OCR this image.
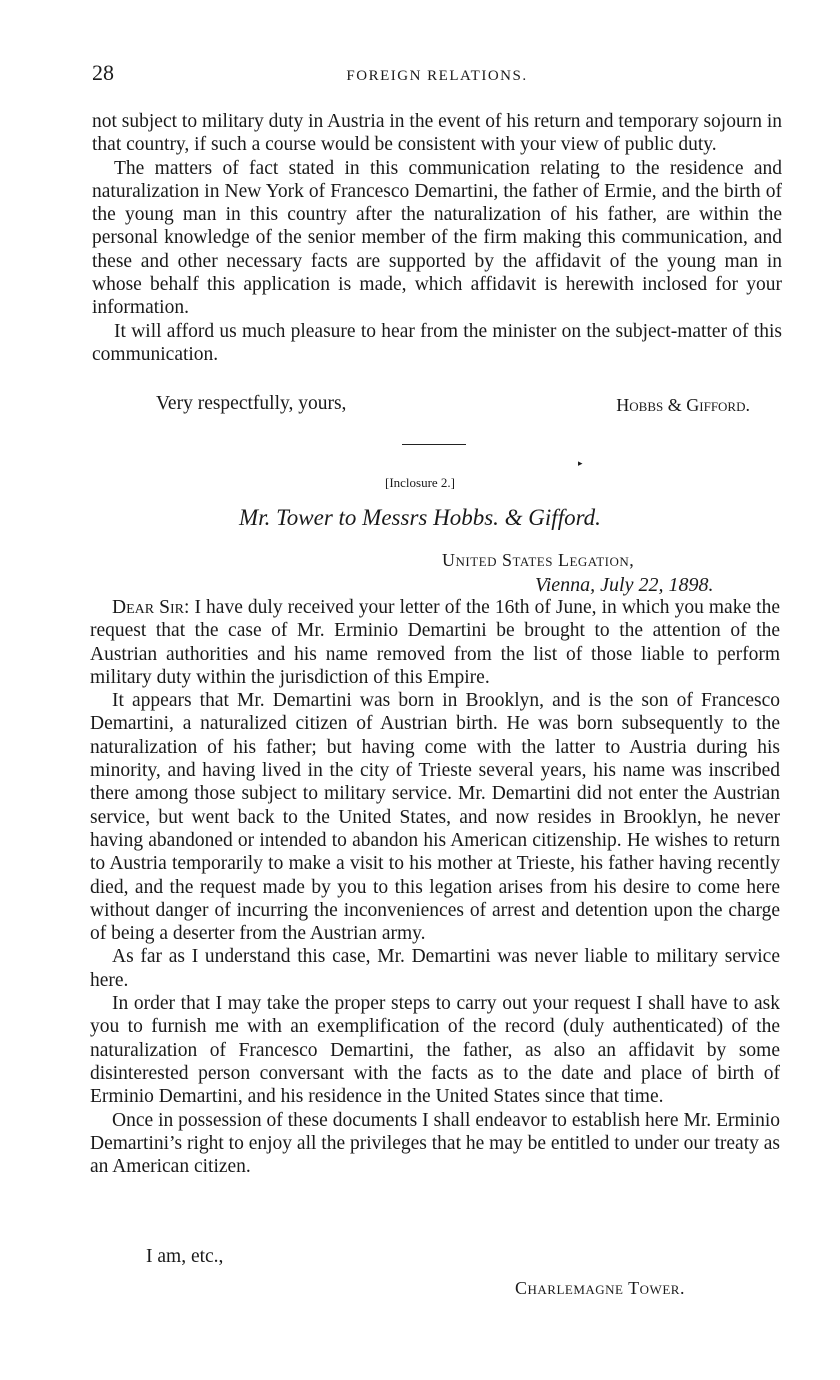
28	FOREIGN RELATIONS.

not subject to military duty in Austria in the event of his return and temporary sojourn in that country, if such a course would be consistent with your view of public duty.

The matters of fact stated in this communication relating to the residence and naturalization in New York of Francesco Demartini, the father of Ermie, and the birth of the young man in this country after the naturalization of his father, are within the personal knowledge of the senior member of the firm making this communication, and these and other necessary facts are supported by the affidavit of the young man in whose behalf this application is made, which affidavit is herewith inclosed for your information.

It will afford us much pleasure to hear from the minister on the subject-matter of this communication.

Very respectfully, yours,	Hobbs & Gifford.
▸
[Inclosure 2.]
Mr. Tower to Messrs Hobbs. & Gifford.
United States Legation,
Vienna, July 22, 1898.

Dear Sir: I have duly received your letter of the 16th of June, in which you make the request that the case of Mr. Erminio Demartini be brought to the attention of the Austrian authorities and his name removed from the list of those liable to perform military duty within the jurisdiction of this Empire.

It appears that Mr. Demartini was born in Brooklyn, and is the son of Francesco Demartini, a naturalized citizen of Austrian birth. He was born subsequently to the naturalization of his father; but having come with the latter to Austria during his minority, and having lived in the city of Trieste several years, his name was inscribed there among those subject to military service. Mr. Demartini did not enter the Austrian service, but went back to the United States, and now resides in Brooklyn, he never having abandoned or intended to abandon his American citizenship. He wishes to return to Austria temporarily to make a visit to his mother at Trieste, his father having recently died, and the request made by you to this legation arises from his desire to come here without danger of incurring the inconveniences of arrest and detention upon the charge of being a deserter from the Austrian army.

As far as I understand this case, Mr. Demartini was never liable to military service here.

In order that I may take the proper steps to carry out your request I shall have to ask you to furnish me with an exemplification of the record (duly authenticated) of the naturalization of Francesco Demartini, the father, as also an affidavit by some disinterested person conversant with the facts as to the date and place of birth of Erminio Demartini, and his residence in the United States since that time.

Once in possession of these documents I shall endeavor to establish here Mr. Erminio Demartini’s right to enjoy all the privileges that he may be entitled to under our treaty as an American citizen.

I am, etc.,
Charlemagne Tower.
